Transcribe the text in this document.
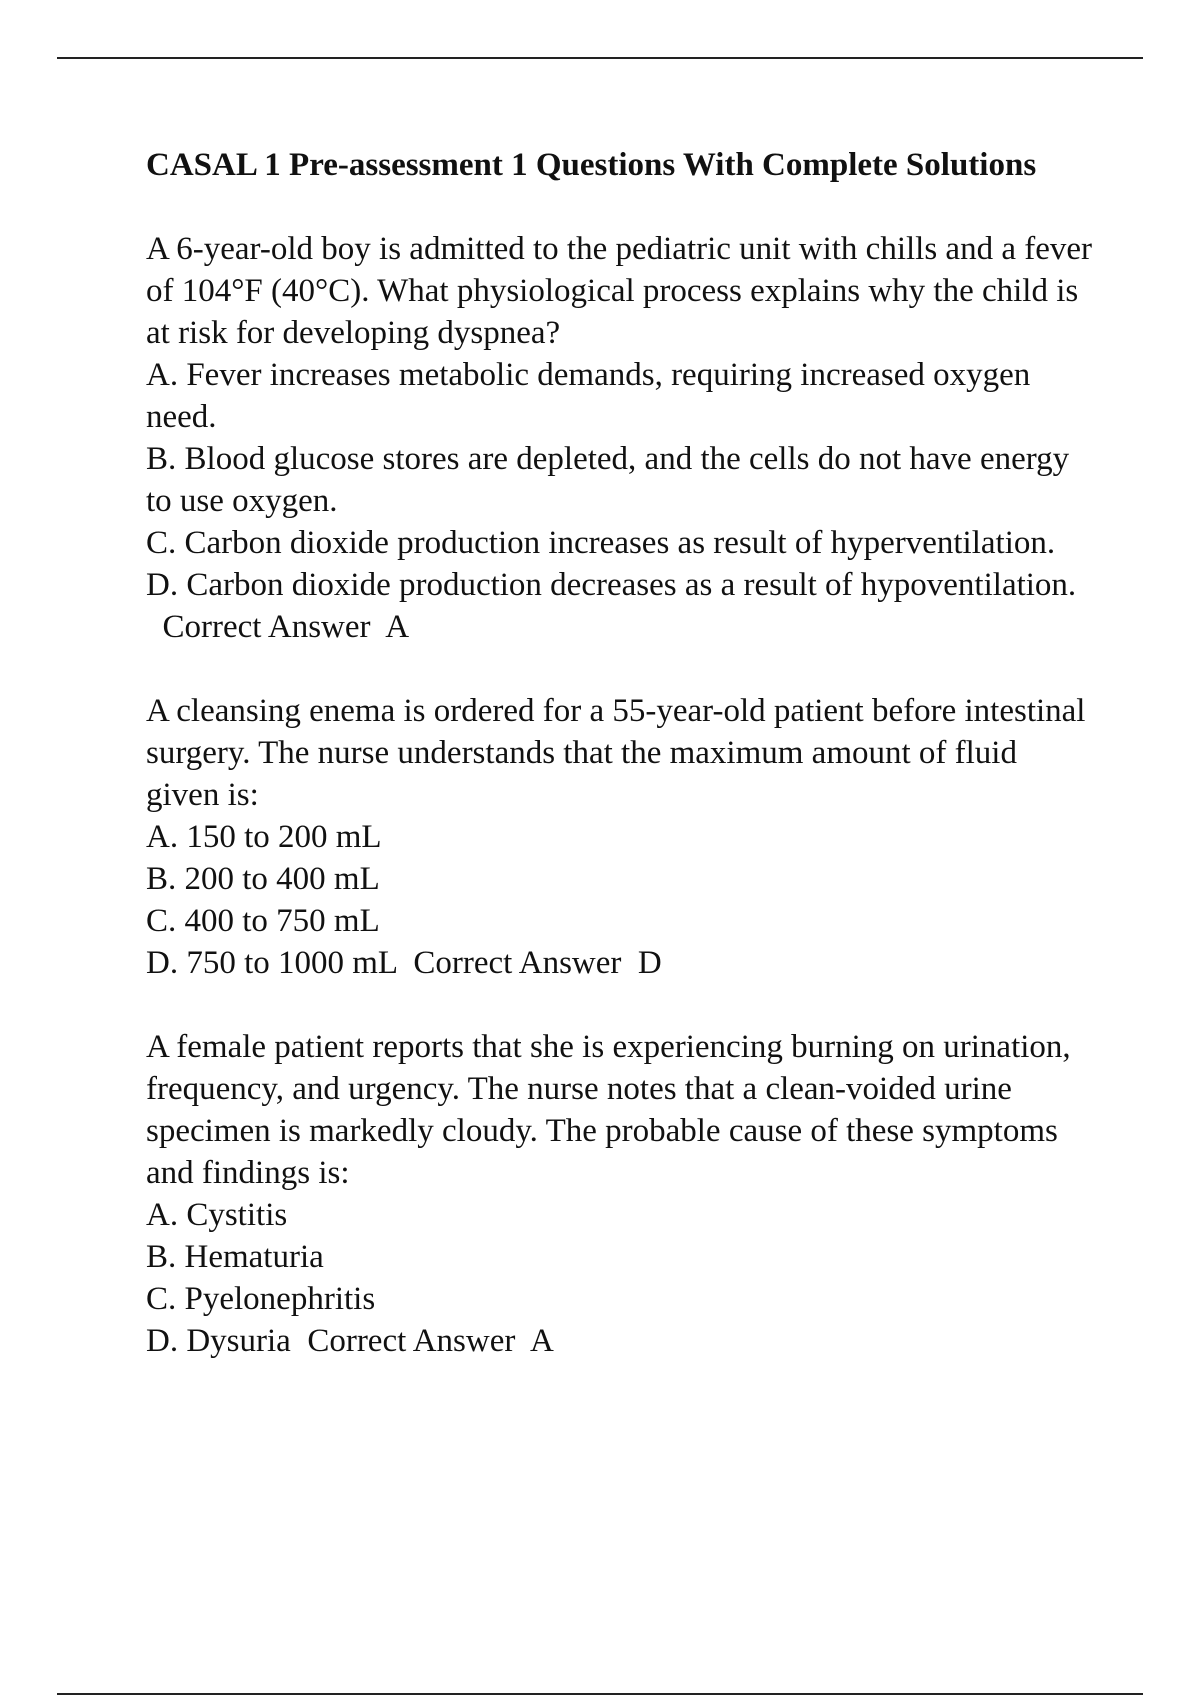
CASAL 1 Pre-assessment 1 Questions With Complete Solutions

A 6-year-old boy is admitted to the pediatric unit with chills and a fever of 104°F (40°C). What physiological process explains why the child is at risk for developing dyspnea?

A. Fever increases metabolic demands, requiring increased oxygen need.

B. Blood glucose stores are depleted, and the cells do not have energy to use oxygen.

C. Carbon dioxide production increases as result of hyperventilation.

D. Carbon dioxide production decreases as a result of hypoventilation.  Correct Answer A

A cleansing enema is ordered for a 55-year-old patient before intestinal surgery. The nurse understands that the maximum amount of fluid given is:

A. 150 to 200 mL

B. 200 to 400 mL

C. 400 to 750 mL

D. 750 to 1000 mL Correct Answer D

A female patient reports that she is experiencing burning on urination, frequency, and urgency. The nurse notes that a clean-voided urine specimen is markedly cloudy. The probable cause of these symptoms and findings is:

A. Cystitis

B. Hematuria

C. Pyelonephritis

D. Dysuria Correct Answer A
